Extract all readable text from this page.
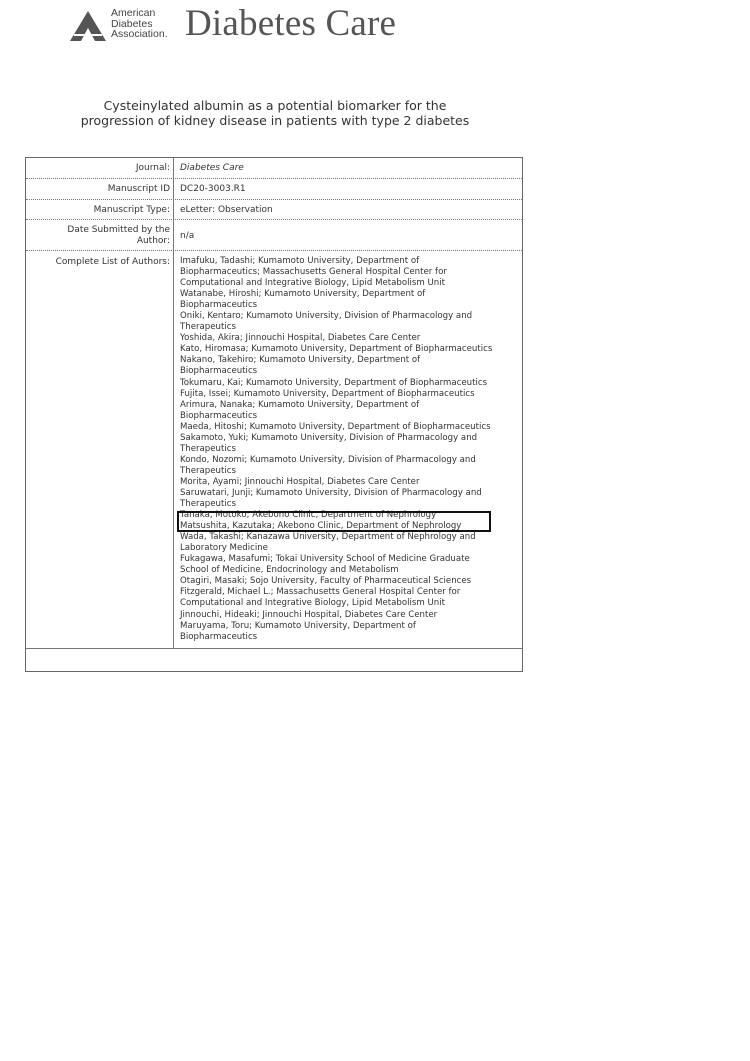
American
Diabetes
Association. Diabetes Care
Cysteinylated albumin as a potential biomarker for the progression of kidney disease in patients with type 2 diabetes
Journal:	Diabetes Care
Manuscript ID	DC20-3003.R1
Manuscript Type:	eLetter: Observation
Date Submitted by the Author:	n/a
Complete List of Authors:	Imafuku, Tadashi; Kumamoto University, Department of
Biopharmaceutics; Massachusetts General Hospital Center for
Computational and Integrative Biology, Lipid Metabolism Unit
Watanabe, Hiroshi; Kumamoto University, Department of
Biopharmaceutics
Oniki, Kentaro; Kumamoto University, Division of Pharmacology and
Therapeutics
Yoshida, Akira; Jinnouchi Hospital, Diabetes Care Center
Kato, Hiromasa; Kumamoto University, Department of Biopharmaceutics
Nakano, Takehiro; Kumamoto University, Department of
Biopharmaceutics
Tokumaru, Kai; Kumamoto University, Department of Biopharmaceutics
Fujita, Issei; Kumamoto University, Department of Biopharmaceutics
Arimura, Nanaka; Kumamoto University, Department of
Biopharmaceutics
Maeda, Hitoshi; Kumamoto University, Department of Biopharmaceutics
Sakamoto, Yuki; Kumamoto University, Division of Pharmacology and
Therapeutics
Kondo, Nozomi; Kumamoto University, Division of Pharmacology and
Therapeutics
Morita, Ayami; Jinnouchi Hospital, Diabetes Care Center
Saruwatari, Junji; Kumamoto University, Division of Pharmacology and
Therapeutics
Tanaka, Motoko; Akebono Clinic, Department of Nephrology
Matsushita, Kazutaka; Akebono Clinic, Department of Nephrology
Wada, Takashi; Kanazawa University, Department of Nephrology and
Laboratory Medicine
Fukagawa, Masafumi; Tokai University School of Medicine Graduate
School of Medicine, Endocrinology and Metabolism
Otagiri, Masaki; Sojo University, Faculty of Pharmaceutical Sciences
Fitzgerald, Michael L.; Massachusetts General Hospital Center for
Computational and Integrative Biology, Lipid Metabolism Unit
Jinnouchi, Hideaki; Jinnouchi Hospital, Diabetes Care Center
Maruyama, Toru; Kumamoto University, Department of
Biopharmaceutics
